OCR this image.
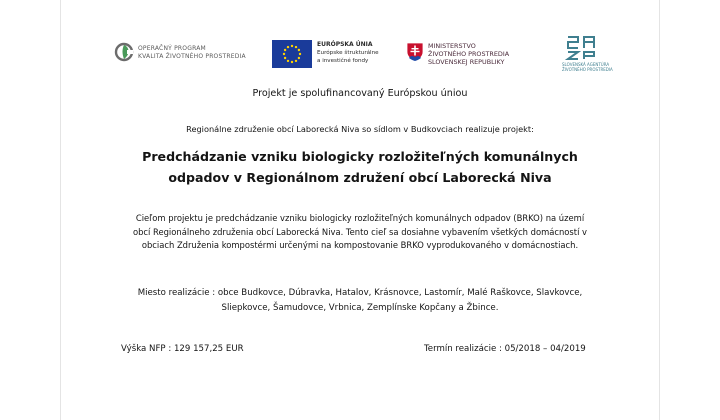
OPERAČNÝ PROGRAM
KVALITA ŽIVOTNÉHO PROSTREDIA
EURÓPSKA ÚNIA
Európske štrukturálne
a investičné fondy
MINISTERSTVO
ŽIVOTNÉHO PROSTREDIA
SLOVENSKEJ REPUBLIKY	SLOVENSKÁ AGENTÚRA
ŽIVOTNÉHO PROSTREDIA
Projekt je spolufinancovaný Európskou úniou
Regionálne združenie obcí Laborecká Niva so sídlom v Budkovciach realizuje projekt:
Predchádzanie vzniku biologicky rozložiteľných komunálnych
odpadov v Regionálnom združení obcí Laborecká Niva
Cieľom projektu je predchádzanie vzniku biologicky rozložiteľných komunálnych odpadov (BRKO) na území
obcí Regionálneho združenia obcí Laborecká Niva. Tento cieľ sa dosiahne vybavením všetkých domácností v
obciach Združenia kompostérmi určenými na kompostovanie BRKO vyprodukovaného v domácnostiach.
Miesto realizácie : obce Budkovce, Dúbravka, Hatalov, Krásnovce, Lastomír, Malé Raškovce, Slavkovce,
Sliepkovce, Šamudovce, Vrbnica, Zemplínske Kopčany a Žbince.
Výška NFP : 129 157,25 EUR	Termín realizácie : 05/2018 – 04/2019
